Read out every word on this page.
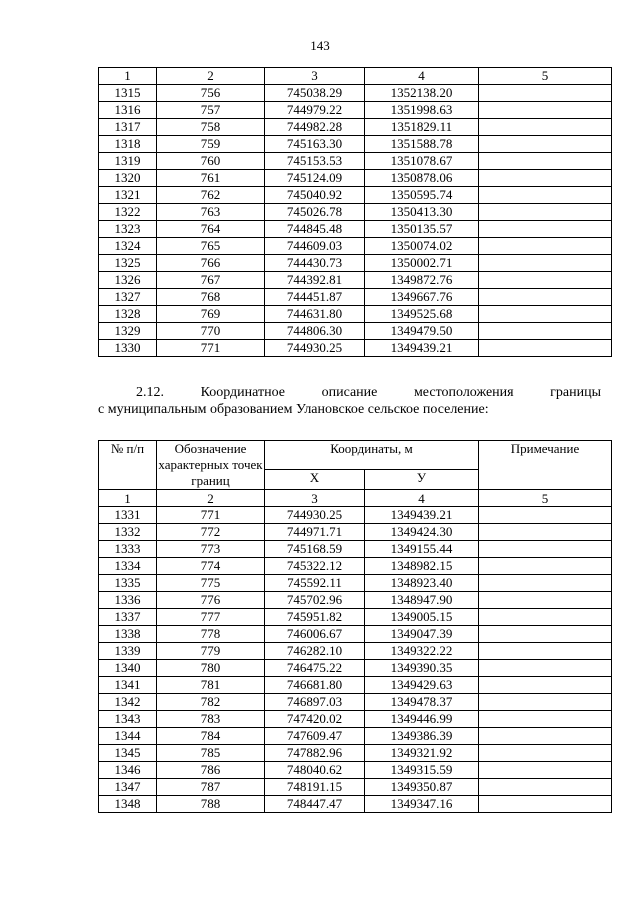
143
1	2	3	4	5
1315	756	745038.29	1352138.20	
1316	757	744979.22	1351998.63	
1317	758	744982.28	1351829.11	
1318	759	745163.30	1351588.78	
1319	760	745153.53	1351078.67	
1320	761	745124.09	1350878.06	
1321	762	745040.92	1350595.74	
1322	763	745026.78	1350413.30	
1323	764	744845.48	1350135.57	
1324	765	744609.03	1350074.02	
1325	766	744430.73	1350002.71	
1326	767	744392.81	1349872.76	
1327	768	744451.87	1349667.76	
1328	769	744631.80	1349525.68	
1329	770	744806.30	1349479.50	
1330	771	744930.25	1349439.21	
2.12.	Координатное	описание	местоположения	границы
с муниципальным образованием Улановское сельское поселение:
№ п/п	Обозначение характерных точек границ	Координаты, м		Примечание
		X	У	
1	2	3	4	5
1331	771	744930.25	1349439.21	
1332	772	744971.71	1349424.30	
1333	773	745168.59	1349155.44	
1334	774	745322.12	1348982.15	
1335	775	745592.11	1348923.40	
1336	776	745702.96	1348947.90	
1337	777	745951.82	1349005.15	
1338	778	746006.67	1349047.39	
1339	779	746282.10	1349322.22	
1340	780	746475.22	1349390.35	
1341	781	746681.80	1349429.63	
1342	782	746897.03	1349478.37	
1343	783	747420.02	1349446.99	
1344	784	747609.47	1349386.39	
1345	785	747882.96	1349321.92	
1346	786	748040.62	1349315.59	
1347	787	748191.15	1349350.87	
1348	788	748447.47	1349347.16	
